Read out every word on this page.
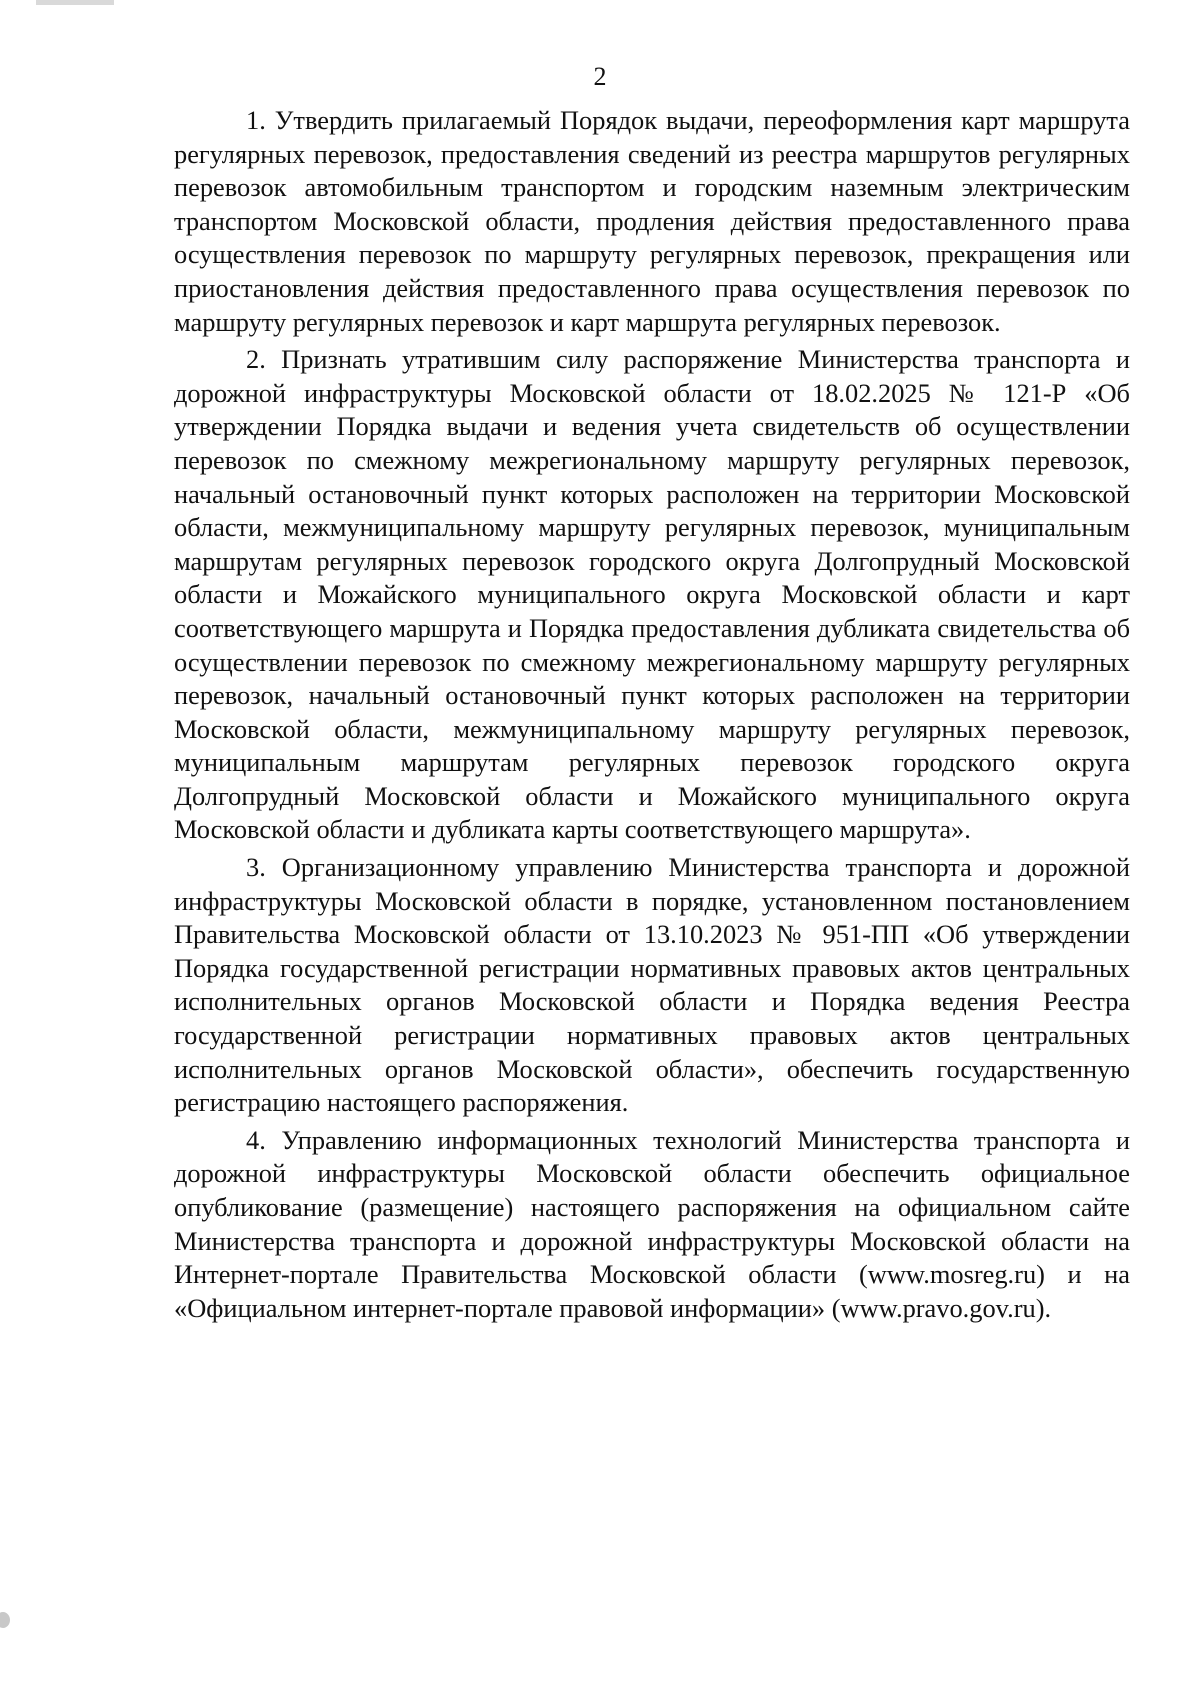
2

1. Утвердить прилагаемый Порядок выдачи, переоформления карт маршрута регулярных перевозок, предоставления сведений из реестра маршрутов регулярных перевозок автомобильным транспортом и городским наземным электрическим транспортом Московской области, продления действия предоставленного права осуществления перевозок по маршруту регулярных перевозок, прекращения или приостановления действия предоставленного права осуществления перевозок по маршруту регулярных перевозок и карт маршрута регулярных перевозок.

2. Признать утратившим силу распоряжение Министерства транспорта и дорожной инфраструктуры Московской области от 18.02.2025 № 121-Р «Об утверждении Порядка выдачи и ведения учета свидетельств об осуществлении перевозок по смежному межрегиональному маршруту регулярных перевозок, начальный остановочный пункт которых расположен на территории Московской области, межмуниципальному маршруту регулярных перевозок, муниципальным маршрутам регулярных перевозок городского округа Долгопрудный Московской области и Можайского муниципального округа Московской области и карт соответствующего маршрута и Порядка предоставления дубликата свидетельства об осуществлении перевозок по смежному межрегиональному маршруту регулярных перевозок, начальный остановочный пункт которых расположен на территории Московской области, межмуниципальному маршруту регулярных перевозок, муниципальным маршрутам регулярных перевозок городского округа Долгопрудный Московской области и Можайского муниципального округа Московской области и дубликата карты соответствующего маршрута».

3. Организационному управлению Министерства транспорта и дорожной инфраструктуры Московской области в порядке, установленном постановлением Правительства Московской области от 13.10.2023 № 951-ПП «Об утверждении Порядка государственной регистрации нормативных правовых актов центральных исполнительных органов Московской области и Порядка ведения Реестра государственной регистрации нормативных правовых актов центральных исполнительных органов Московской области», обеспечить государственную регистрацию настоящего распоряжения.

4. Управлению информационных технологий Министерства транспорта и дорожной инфраструктуры Московской области обеспечить официальное опубликование (размещение) настоящего распоряжения на официальном сайте Министерства транспорта и дорожной инфраструктуры Московской области на Интернет-портале Правительства Московской области (www.mosreg.ru) и на «Официальном интернет-портале правовой информации» (www.pravo.gov.ru).
